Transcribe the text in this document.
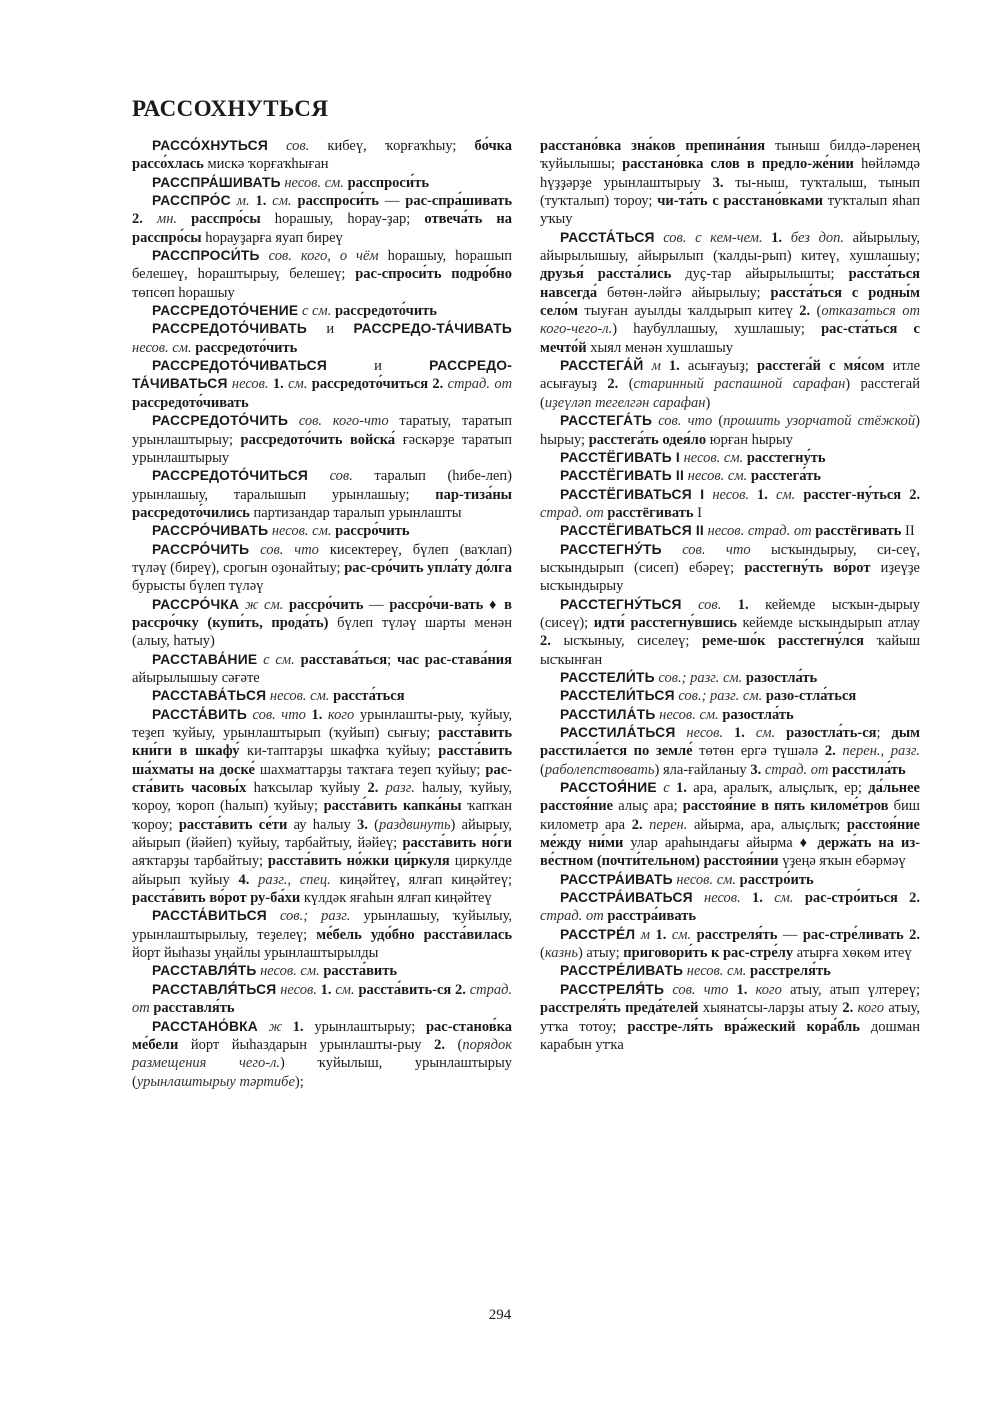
РАССОХНУТЬСЯ

РАССО́ХНУТЬСЯ сов. кибеү, ҡорғаҡһыу; бо́чка рассо́хлась мискә ҡорғаҡһыған

РАССПРА́ШИВАТЬ несов. см. расспроси́ть

РАССПРО́С м. 1. см. расспроси́ть — рас-спра́шивать 2. мн. расспро́сы һорашыу, һорау-ҙар; отвеча́ть на расспро́сы һорауҙарға яуап биреү

РАССПРОСИ́ТЬ сов. кого, о чём һорашыу, һорашып белешеү, һораштырыу, белешеү; рас-спроси́ть подро́бно төпсөп һорашыу

РАССРЕДОТО́ЧЕНИЕ с см. рассредото́чить

РАССРЕДОТО́ЧИВАТЬ и РАССРЕДО-ТА́ЧИВАТЬ несов. см. рассредото́чить

РАССРЕДОТО́ЧИВАТЬСЯ и РАССРЕДО-ТА́ЧИВАТЬСЯ несов. 1. см. рассредото́читься 2. страд. от рассредото́чивать

РАССРЕДОТО́ЧИТЬ сов. кого-что таратыу, таратып урынлаштырыу; рассредото́чить войска́ ғәскәрҙе таратып урынлаштырыу

РАССРЕДОТО́ЧИТЬСЯ сов. таралып (һибе-леп) урынлашыу, таралышып урынлашыу; пар-тиза́ны рассредото́чились партизандар таралып урынлашты

РАССРО́ЧИВАТЬ несов. см. рассро́чить

РАССРО́ЧИТЬ сов. что кисектереү, бүлеп (ваҡлап) түләү (биреү), срогын оҙонайтыу; рас-сро́чить упла́ту до́лга бурысты бүлеп түләү

РАССРО́ЧКА ж см. рассро́чить — рассро́чи-вать ♦ в рассро́чку (купи́ть, прода́ть) бүлеп түләү шарты менән (алыу, һатыу)

РАССТАВА́НИЕ с см. расстава́ться; час рас-става́ния айырылышыу сәғәте

РАССТАВА́ТЬСЯ несов. см. расста́ться

РАССТА́ВИТЬ сов. что 1. кого урынлашты-рыу, ҡуйыу, теҙеп ҡуйыу, урынлаштырып (ҡуйып) сығыу; расста́вить кни́ги в шкафу́ ки-таптарҙы шкафҡа ҡуйыу; расста́вить ша́хматы на доске́ шахматтарҙы таҡтаға теҙеп ҡуйыу; рас-ста́вить часовы́х һаҡсылар ҡуйыу 2. разг. һалыу, ҡуйыу, ҡороу, ҡороп (һалып) ҡуйыу; расста́вить капка́ны ҡапҡан ҡороу; расста́вить се́ти ау һалыу 3. (раздвинуть) айырыу, айырып (йәйеп) ҡуйыу, тарбайтыу, йәйеү; расста́вить но́ги аяҡтарҙы тарбайтыу; расста́вить но́жки ци́ркуля циркулде айырып ҡуйыу 4. разг., спец. киңәйтеү, ялғап киңәйтеү; расста́вить во́рот ру-ба́хи күлдәк яғаһын ялғап киңәйтеү

РАССТА́ВИТЬСЯ сов.; разг. урынлашыу, ҡуйылыу, урынлаштырылыу, теҙелеү; ме́бель удо́бно расста́вилась йорт йыһазы уңайлы урынлаштырылды

РАССТАВЛЯ́ТЬ несов. см. расста́вить

РАССТАВЛЯ́ТЬСЯ несов. 1. см. расста́вить-ся 2. страд. от расставля́ть

РАССТАНО́ВКА ж 1. урынлаштырыу; рас-станов́ка ме́бели йорт йыһаздарын урынлашты-рыу 2. (порядок размещения чего-л.) ҡуйылыш, урынлаштырыу (урынлаштырыу тәртибе);

расстано́вка зна́ков препина́ния тыныш билдә-ләренең ҡуйылышы; расстано́вка слов в предло-же́нии һөйләмдә һүҙҙәрҙе урынлаштырыу 3. ты-ныш, туҡталыш, тынып (туҡталып) тороу; чи-та́ть с расстано́вками туҡталып яһап уҡыу

РАССТА́ТЬСЯ сов. с кем-чем. 1. без доп. айырылыу, айырылышыу, айырылып (ҡалды-рып) китеү, хушлашыу; друзья́ расста́лись дуҫ-тар айырылышты; расста́ться навсегда́ бөтөн-ләйгә айырылыу; расста́ться с родны́м село́м тыуған ауылды ҡалдырып китеү 2. (отказаться от кого-чего-л.) һаубуллашыу, хушлашыу; рас-ста́ться с мечто́й хыял менән хушлашыу

РАССТЕГА́Й м 1. асығауыҙ; расстега́й с мя́сом итле асығауыҙ 2. (старинный распашной сарафан) расстегай (иҙеүләп тегелгән сарафан)

РАССТЕГА́ТЬ сов. что (прошить узорчатой стёжкой) һырыу; расстега́ть одея́ло юрған һырыу

РАССТЁГИВАТЬ I несов. см. расстегну́ть

РАССТЁГИВАТЬ II несов. см. расстега́ть

РАССТЁГИВАТЬСЯ I несов. 1. см. расстег-ну́ться 2. страд. от расстёгивать I

РАССТЁГИВАТЬСЯ II несов. страд. от расстёгивать II

РАССТЕГНУ́ТЬ сов. что ысҡындырыу, си-сеү, ысҡындырып (сисеп) ебәреү; расстегну́ть во́рот иҙеүҙе ысҡындырыу

РАССТЕГНУ́ТЬСЯ сов. 1. кейемде ысҡын-дырыу (сисеү); идти́ расстегну́вшись кейемде ысҡындырып атлау 2. ысҡыныу, сиселеү; реме-шо́к расстегну́лся ҡайыш ысҡынған

РАССТЕЛИ́ТЬ сов.; разг. см. разостла́ть

РАССТЕЛИ́ТЬСЯ сов.; разг. см. разо-стла́ться

РАССТИЛА́ТЬ несов. см. разостла́ть

РАССТИЛА́ТЬСЯ несов. 1. см. разостла́ть-ся; дым расстила́ется по земле́ төтөн ергә түшәлә 2. перен., разг. (раболепствовать) яла-ғайланыу 3. страд. от расстила́ть

РАССТОЯ́НИЕ с 1. ара, аралыҡ, алыҫлыҡ, ер; да́льнее расстоя́ние алыҫ ара; расстоя́ние в пять киломе́тров биш километр ара 2. перен. айырма, ара, алыҫлыҡ; расстоя́ние ме́жду ни́ми улар араһындағы айырма ♦ держа́ть на из-ве́стном (почти́тельном) расстоя́нии үҙеңә яҡын ебәрмәү

РАССТРА́ИВАТЬ несов. см. расстро́ить

РАССТРА́ИВАТЬСЯ несов. 1. см. рас-стро́иться 2. страд. от расстра́ивать

РАССТРЕ́Л м 1. см. расстреля́ть — рас-стре́ливать 2. (казнь) атыу; приговори́ть к рас-стре́лу атырға хөкөм итеү

РАССТРЕ́ЛИВАТЬ несов. см. расстреля́ть

РАССТРЕЛЯ́ТЬ сов. что 1. кого атыу, атып үлтереү; расстреля́ть преда́телей хыянатсы-ларҙы атыу 2. кого атыу, утҡа тотоу; расстре-ля́ть вра́жеский кора́бль дошман карабын утҡа

294
